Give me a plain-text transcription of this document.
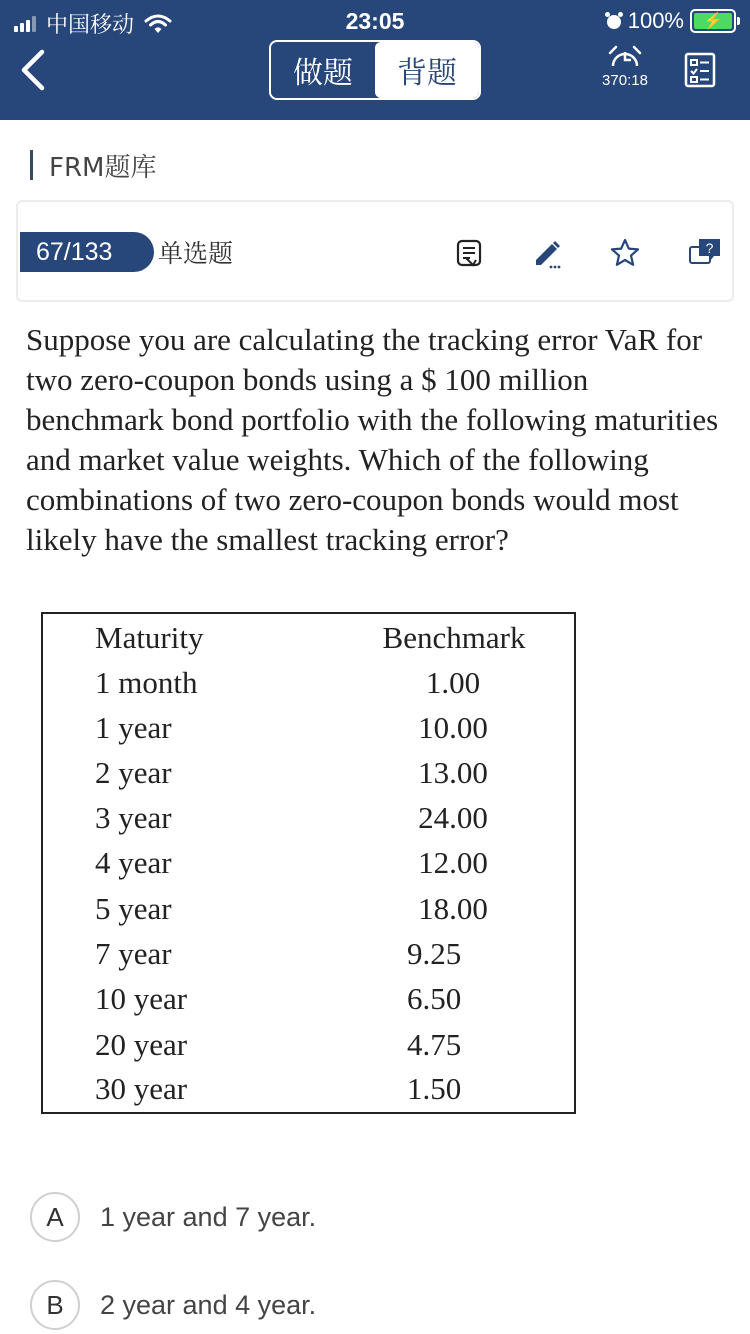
中国移动	23:05	100% ⚡
做题	背题	370:18
FRM题库
67/133	单选题	?
Suppose you are calculating the tracking error VaR for two zero-coupon bonds using a $ 100 million benchmark bond portfolio with the following maturities and market value weights. Which of the following combinations of two zero-coupon bonds would most likely have the smallest tracking error?
Maturity	Benchmark
1 month	1.00
1 year	10.00
2 year	13.00
3 year	24.00
4 year	12.00
5 year	18.00
7 year	9.25
10 year	6.50
20 year	4.75
30 year	1.50
A	1 year and 7 year.
B	2 year and 4 year.
